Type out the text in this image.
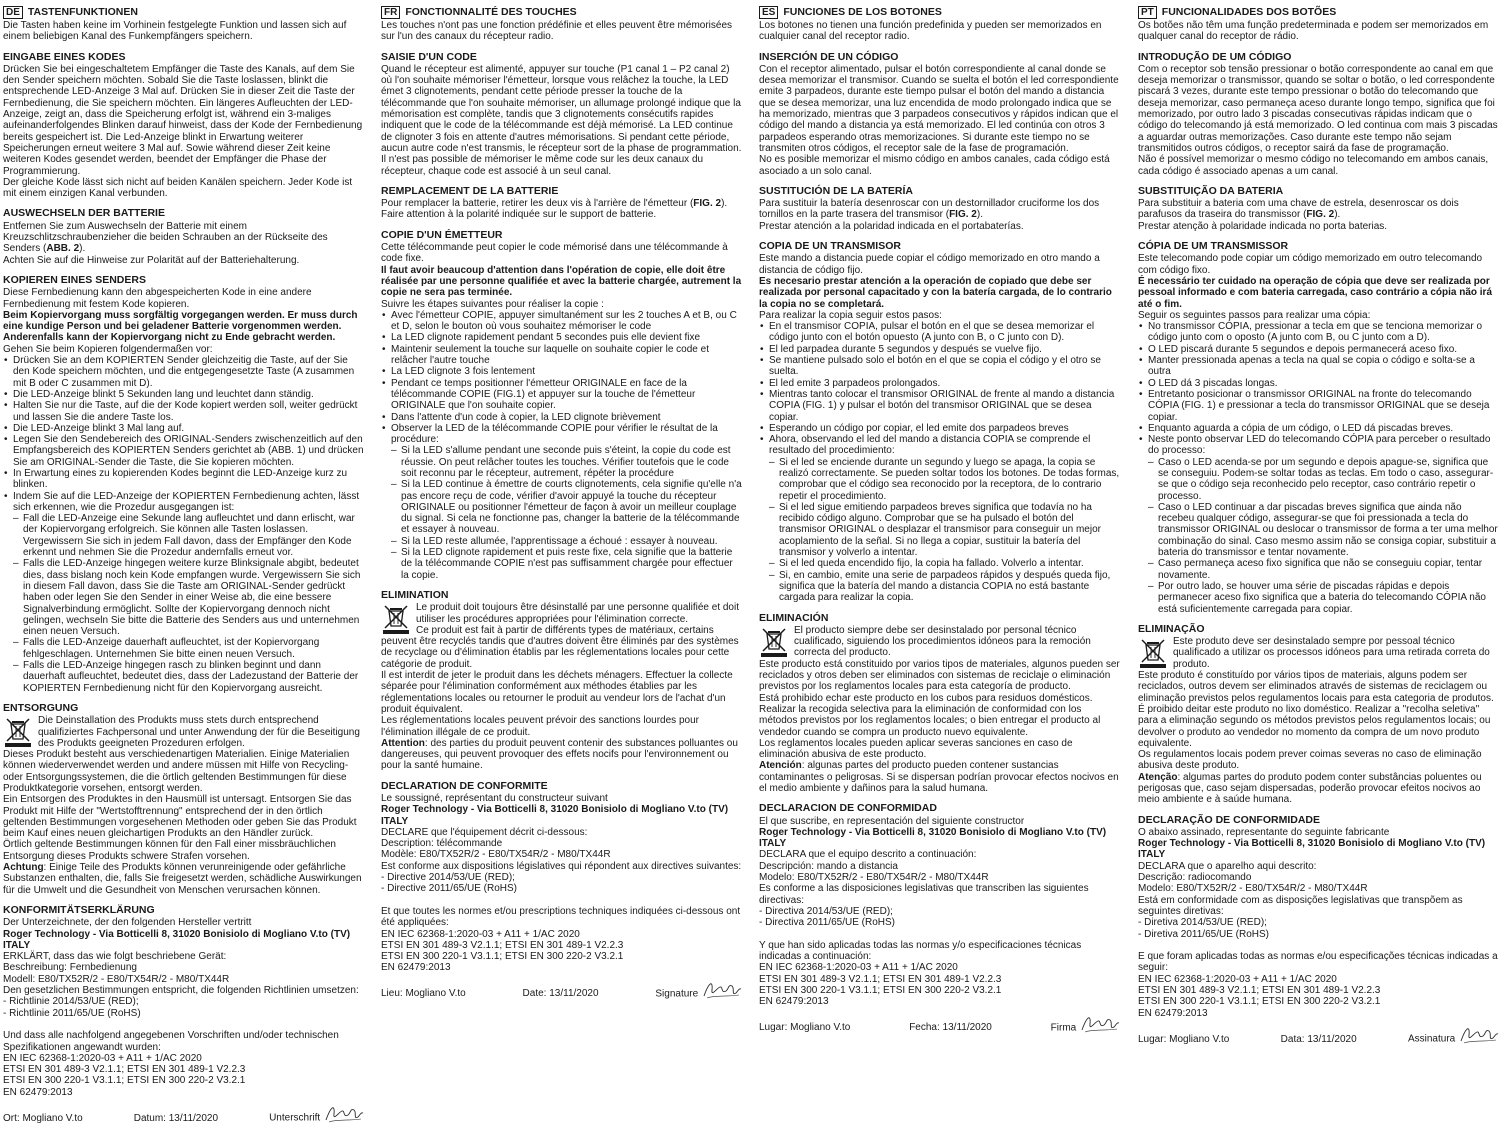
DE TASTENFUNKTIONEN

Die Tasten haben keine im Vorhinein festgelegte Funktion und lassen sich auf einem beliebigen Kanal des Funkempfängers speichern.

EINGABE EINES KODES

Drücken Sie bei eingeschaltetem Empfänger die Taste des Kanals, auf dem Sie den Sender speichern möchten. Sobald Sie die Taste loslassen, blinkt die entsprechende LED-Anzeige 3 Mal auf. Drücken Sie in dieser Zeit die Taste der Fernbedienung, die Sie speichern möchten. Ein längeres Aufleuchten der LED-Anzeige, zeigt an, dass die Speicherung erfolgt ist, während ein 3-maliges aufeinanderfolgendes Blinken darauf hinweist, dass der Kode der Fernbedienung bereits gespeichert ist. Die Led-Anzeige blinkt in Erwartung weiterer Speicherungen erneut weitere 3 Mal auf. Sowie während dieser Zeit keine weiteren Kodes gesendet werden, beendet der Empfänger die Phase der Programmierung.
Der gleiche Kode lässt sich nicht auf beiden Kanälen speichern. Jeder Kode ist mit einem einzigen Kanal verbunden.

AUSWECHSELN DER BATTERIE

Entfernen Sie zum Auswechseln der Batterie mit einem Kreuzschlitzschraubenzieher die beiden Schrauben an der Rückseite des Senders (ABB. 2).
Achten Sie auf die Hinweise zur Polarität auf der Batteriehalterung.

KOPIEREN EINES SENDERS

Diese Fernbedienung kann den abgespeicherten Kode in eine andere Fernbedienung mit festem Kode kopieren.

Beim Kopiervorgang muss sorgfältig vorgegangen werden. Er muss durch eine kundige Person und bei geladener Batterie vorgenommen werden. Anderenfalls kann der Kopiervorgang nicht zu Ende gebracht werden.

Gehen Sie beim Kopieren folgendermaßen vor:

• Drücken Sie an dem KOPIERTEN Sender gleichzeitig die Taste, auf der Sie den Kode speichern möchten, und die entgegengesetzte Taste (A zusammen mit B oder C zusammen mit D).
• Die LED-Anzeige blinkt 5 Sekunden lang und leuchtet dann ständig.
• Halten Sie nur die Taste, auf die der Kode kopiert werden soll, weiter gedrückt und lassen Sie die andere Taste los.
• Die LED-Anzeige blinkt 3 Mal lang auf.
• Legen Sie den Sendebereich des ORIGINAL-Senders zwischenzeitlich auf den Empfangsbereich des KOPIERTEN Senders gerichtet ab (ABB. 1) und drücken Sie am ORIGINAL-Sender die Taste, die Sie kopieren möchten.
• In Erwartung eines zu kopierenden Kodes beginnt die LED-Anzeige kurz zu blinken.
• Indem Sie auf die LED-Anzeige der KOPIERTEN Fernbedienung achten, lässt sich erkennen, wie die Prozedur ausgegangen ist:
– Fall die LED-Anzeige eine Sekunde lang aufleuchtet und dann erlischt, war der Kopiervorgang erfolgreich. Sie können alle Tasten loslassen. Vergewissern Sie sich in jedem Fall davon, dass der Empfänger den Kode erkennt und nehmen Sie die Prozedur andernfalls erneut vor.
– Falls die LED-Anzeige hingegen weitere kurze Blinksignale abgibt, bedeutet dies, dass bislang noch kein Kode empfangen wurde. Vergewissern Sie sich in diesem Fall davon, dass Sie die Taste am ORIGINAL-Sender gedrückt haben oder legen Sie den Sender in einer Weise ab, die eine bessere Signalverbindung ermöglicht. Sollte der Kopiervorgang dennoch nicht gelingen, wechseln Sie bitte die Batterie des Senders aus und unternehmen einen neuen Versuch.
– Falls die LED-Anzeige dauerhaft aufleuchtet, ist der Kopiervorgang fehlgeschlagen. Unternehmen Sie bitte einen neuen Versuch.
– Falls die LED-Anzeige hingegen rasch zu blinken beginnt und dann dauerhaft aufleuchtet, bedeutet dies, dass der Ladezustand der Batterie der KOPIERTEN Fernbedienung nicht für den Kopiervorgang ausreicht.
ENTSORGUNG

Die Deinstallation des Produkts muss stets durch entsprechend qualifiziertes Fachpersonal und unter Anwendung der für die Beseitigung des Produkts geeigneten Prozeduren erfolgen.
Dieses Produkt besteht aus verschiedenartigen Materialien. Einige Materialien können wiederverwendet werden und andere müssen mit Hilfe von Recycling- oder Entsorgungssystemen, die die örtlich geltenden Bestimmungen für diese Produktkategorie vorsehen, entsorgt werden.
Ein Entsorgen des Produktes in den Hausmüll ist untersagt. Entsorgen Sie das Produkt mit Hilfe der "Wertstofftrennung" entsprechend der in den örtlich geltenden Bestimmungen vorgesehenen Methoden oder geben Sie das Produkt beim Kauf eines neuen gleichartigen Produkts an den Händler zurück.
Örtlich geltende Bestimmungen können für den Fall einer missbräuchlichen Entsorgung dieses Produkts schwere Strafen vorsehen.

Achtung: Einige Teile des Produkts können verunreinigende oder gefährliche Substanzen enthalten, die, falls Sie freigesetzt werden, schädliche Auswirkungen für die Umwelt und die Gesundheit von Menschen verursachen können.

KONFORMITÄTSERKLÄRUNG

Der Unterzeichnete, der den folgenden Hersteller vertritt

Roger Technology - Via Botticelli 8, 31020 Bonisiolo di Mogliano V.to (TV) ITALY

ERKLÄRT, dass das wie folgt beschriebene Gerät:
Beschreibung: Fernbedienung
Modell: E80/TX52R/2 - E80/TX54R/2 - M80/TX44R
Den gesetzlichen Bestimmungen entspricht, die folgenden Richtlinien umsetzen:
- Richtlinie 2014/53/UE (RED);
- Richtlinie 2011/65/UE (RoHS)

Und dass alle nachfolgend angegebenen Vorschriften und/oder technischen Spezifikationen angewandt wurden:
EN IEC 62368-1:2020-03 + A11 + 1/AC 2020
ETSI EN 301 489-3 V2.1.1; ETSI EN 301 489-1 V2.2.3
ETSI EN 300 220-1 V3.1.1; ETSI EN 300 220-2 V3.2.1
EN 62479:2013

Ort: Mogliano V.to	Datum: 13/11/2020	Unterschrift
FR FONCTIONNALITÉ DES TOUCHES

Les touches n'ont pas une fonction prédéfinie et elles peuvent être mémorisées sur l'un des canaux du récepteur radio.

SAISIE D'UN CODE

Quand le récepteur est alimenté, appuyer sur touche (P1 canal 1 – P2 canal 2) où l'on souhaite mémoriser l'émetteur, lorsque vous relâchez la touche, la LED émet 3 clignotements, pendant cette période presser la touche de la télécommande que l'on souhaite mémoriser, un allumage prolongé indique que la mémorisation est complète, tandis que 3 clignotements consécutifs rapides indiquent que le code de la télécommande est déjà mémorisé. La LED continue de clignoter 3 fois en attente d'autres mémorisations. Si pendant cette période, aucun autre code n'est transmis, le récepteur sort de la phase de programmation. Il n'est pas possible de mémoriser le même code sur les deux canaux du récepteur, chaque code est associé à un seul canal.

REMPLACEMENT DE LA BATTERIE

Pour remplacer la batterie, retirer les deux vis à l'arrière de l'émetteur (FIG. 2).
Faire attention à la polarité indiquée sur le support de batterie.

COPIE D'UN ÉMETTEUR

Cette télécommande peut copier le code mémorisé dans une télécommande à code fixe.

Il faut avoir beaucoup d'attention dans l'opération de copie, elle doit être réalisée par une personne qualifiée et avec la batterie chargée, autrement la copie ne sera pas terminée.

Suivre les étapes suivantes pour réaliser la copie :

• Avec l'émetteur COPIE, appuyer simultanément sur les 2 touches A et B, ou C et D, selon le bouton où vous souhaitez mémoriser le code
• La LED clignote rapidement pendant 5 secondes puis elle devient fixe
• Maintenir seulement la touche sur laquelle on souhaite copier le code et relâcher l'autre touche
• La LED clignote 3 fois lentement
• Pendant ce temps positionner l'émetteur ORIGINALE en face de la télécommande COPIE (FIG.1) et appuyer sur la touche de l'émetteur ORIGINALE que l'on souhaite copier.
• Dans l'attente d'un code à copier, la LED clignote brièvement
• Observer la LED de la télécommande COPIE pour vérifier le résultat de la procédure:
– Si la LED s'allume pendant une seconde puis s'éteint, la copie du code est réussie. On peut relâcher toutes les touches. Vérifier toutefois que le code soit reconnu par le récepteur, autrement, répéter la procédure
– Si la LED continue à émettre de courts clignotements, cela signifie qu'elle n'a pas encore reçu de code, vérifier d'avoir appuyé la touche du récepteur ORIGINALE ou positionner l'émetteur de façon à avoir un meilleur couplage du signal. Si cela ne fonctionne pas, changer la batterie de la télécommande et essayer à nouveau.
– Si la LED reste allumée, l'apprentissage a échoué : essayer à nouveau.
– Si la LED clignote rapidement et puis reste fixe, cela signifie que la batterie de la télécommande COPIE n'est pas suffisamment chargée pour effectuer la copie.
ELIMINATION

Le produit doit toujours être désinstallé par une personne qualifiée et doit utiliser les procédures appropriées pour l'élimination correcte.
Ce produit est fait à partir de différents types de matériaux, certains peuvent être recyclés tandis que d'autres doivent être éliminés par des systèmes de recyclage ou d'élimination établis par les réglementations locales pour cette catégorie de produit.
Il est interdit de jeter le produit dans les déchets ménagers. Effectuer la collecte séparée pour l'élimination conformément aux méthodes établies par les réglementations locales ou retourner le produit au vendeur lors de l'achat d'un produit équivalent.
Les réglementations locales peuvent prévoir des sanctions lourdes pour l'élimination illégale de ce produit.

Attention: des parties du produit peuvent contenir des substances polluantes ou dangereuses, qui peuvent provoquer des effets nocifs pour l'environnement ou pour la santé humaine.

DECLARATION DE CONFORMITE

Le soussigné, représentant du constructeur suivant

Roger Technology - Via Botticelli 8, 31020 Bonisiolo di Mogliano V.to (TV) ITALY

DECLARE que l'équipement décrit ci-dessous:
Description: télécommande
Modèle: E80/TX52R/2 - E80/TX54R/2 - M80/TX44R
Est conforme aux dispositions législatives qui répondent aux directives suivantes:
- Directive 2014/53/UE (RED);
- Directive 2011/65/UE (RoHS)

Et que toutes les normes et/ou prescriptions techniques indiquées ci-dessous ont été appliquées:
EN IEC 62368-1:2020-03 + A11 + 1/AC 2020
ETSI EN 301 489-3 V2.1.1; ETSI EN 301 489-1 V2.2.3
ETSI EN 300 220-1 V3.1.1; ETSI EN 300 220-2 V3.2.1
EN 62479:2013

Lieu: Mogliano V.to	Date: 13/11/2020	Signature
ES FUNCIONES DE LOS BOTONES

Los botones no tienen una función predefinida y pueden ser memorizados en cualquier canal del receptor radio.

INSERCIÓN DE UN CÓDIGO

Con el receptor alimentado, pulsar el botón correspondiente al canal donde se desea memorizar el transmisor. Cuando se suelta el botón el led correspondiente emite 3 parpadeos, durante este tiempo pulsar el botón del mando a distancia que se desea memorizar, una luz encendida de modo prolongado indica que se ha memorizado, mientras que 3 parpadeos consecutivos y rápidos indican que el código del mando a distancia ya está memorizado. El led continúa con otros 3 parpadeos esperando otras memorizaciones. Si durante este tiempo no se transmiten otros códigos, el receptor sale de la fase de programación.
No es posible memorizar el mismo código en ambos canales, cada código está asociado a un solo canal.

SUSTITUCIÓN DE LA BATERÍA

Para sustituir la batería desenroscar con un destornillador cruciforme los dos tornillos en la parte trasera del transmisor (FIG. 2).
Prestar atención a la polaridad indicada en el portabaterías.

COPIA DE UN TRANSMISOR

Este mando a distancia puede copiar el código memorizado en otro mando a distancia de código fijo.

Es necesario prestar atención a la operación de copiado que debe ser realizada por personal capacitado y con la batería cargada, de lo contrario la copia no se completará.

Para realizar la copia seguir estos pasos:

• En el transmisor COPIA, pulsar el botón en el que se desea memorizar el código junto con el botón opuesto (A junto con B, o C junto con D).
• El led parpadea durante 5 segundos y después se vuelve fijo.
• Se mantiene pulsado solo el botón en el que se copia el código y el otro se suelta.
• El led emite 3 parpadeos prolongados.
• Mientras tanto colocar el transmisor ORIGINAL de frente al mando a distancia COPIA (FIG. 1) y pulsar el botón del transmisor ORIGINAL que se desea copiar.
• Esperando un código por copiar, el led emite dos parpadeos breves
• Ahora, observando el led del mando a distancia COPIA se comprende el resultado del procedimiento:
– Si el led se enciende durante un segundo y luego se apaga, la copia se realizó correctamente. Se pueden soltar todos los botones. De todas formas, comprobar que el código sea reconocido por la receptora, de lo contrario repetir el procedimiento.
– Si el led sigue emitiendo parpadeos breves significa que todavía no ha recibido código alguno. Comprobar que se ha pulsado el botón del transmisor ORIGINAL o desplazar el transmisor para conseguir un mejor acoplamiento de la señal. Si no llega a copiar, sustituir la batería del transmisor y volverlo a intentar.
– Si el led queda encendido fijo, la copia ha fallado. Volverlo a intentar.
– Si, en cambio, emite una serie de parpadeos rápidos y después queda fijo, significa que la batería del mando a distancia COPIA no está bastante cargada para realizar la copia.
ELIMINACIÓN

El producto siempre debe ser desinstalado por personal técnico cualificado, siguiendo los procedimientos idóneos para la remoción correcta del producto.
Este producto está constituido por varios tipos de materiales, algunos pueden ser reciclados y otros deben ser eliminados con sistemas de reciclaje o eliminación previstos por los reglamentos locales para esta categoría de producto.
Está prohibido echar este producto en los cubos para residuos domésticos. Realizar la recogida selectiva para la eliminación de conformidad con los métodos previstos por los reglamentos locales; o bien entregar el producto al vendedor cuando se compra un producto nuevo equivalente.
Los reglamentos locales pueden aplicar severas sanciones en caso de eliminación abusiva de este producto.

Atención: algunas partes del producto pueden contener sustancias contaminantes o peligrosas. Si se dispersan podrían provocar efectos nocivos en el medio ambiente y dañinos para la salud humana.

DECLARACION DE CONFORMIDAD

El que suscribe, en representación del siguiente constructor

Roger Technology - Via Botticelli 8, 31020 Bonisiolo di Mogliano V.to (TV) ITALY

DECLARA que el equipo descrito a continuación:
Descripción: mando a distancia
Modelo: E80/TX52R/2 - E80/TX54R/2 - M80/TX44R
Es conforme a las disposiciones legislativas que transcriben las siguientes directivas:
- Directiva 2014/53/UE (RED);
- Directiva 2011/65/UE (RoHS)

Y que han sido aplicadas todas las normas y/o especificaciones técnicas indicadas a continuación:
EN IEC 62368-1:2020-03 + A11 + 1/AC 2020
ETSI EN 301 489-3 V2.1.1; ETSI EN 301 489-1 V2.2.3
ETSI EN 300 220-1 V3.1.1; ETSI EN 300 220-2 V3.2.1
EN 62479:2013

Lugar: Mogliano V.to	Fecha: 13/11/2020	Firma
PT FUNCIONALIDADES DOS BOTÕES

Os botões não têm uma função predeterminada e podem ser memorizados em qualquer canal do receptor de rádio.

INTRODUÇÃO DE UM CÓDIGO

Com o receptor sob tensão pressionar o botão correspondente ao canal em que deseja memorizar o transmissor, quando se soltar o botão, o led correspondente piscará 3 vezes, durante este tempo pressionar o botão do telecomando que deseja memorizar, caso permaneça aceso durante longo tempo, significa que foi memorizado, por outro lado 3 piscadas consecutivas rápidas indicam que o código do telecomando já está memorizado. O led continua com mais 3 piscadas a aguardar outras memorizações. Caso durante este tempo não sejam transmitidos outros códigos, o receptor sairá da fase de programação.
Não é possível memorizar o mesmo código no telecomando em ambos canais, cada código é associado apenas a um canal.

SUBSTITUIÇÃO DA BATERIA

Para substituir a bateria com uma chave de estrela, desenroscar os dois parafusos da traseira do transmissor (FIG. 2).
Prestar atenção à polaridade indicada no porta baterias.

CÓPIA DE UM TRANSMISSOR

Este telecomando pode copiar um código memorizado em outro telecomando com código fixo.

É necessário ter cuidado na operação de cópia que deve ser realizada por pessoal informado e com bateria carregada, caso contrário a cópia não irá até o fim.

Seguir os seguintes passos para realizar uma cópia:

• No transmissor CÓPIA, pressionar a tecla em que se tenciona memorizar o código junto com o oposto (A junto com B, ou C junto com a D).
• O LED piscará durante 5 segundos e depois permanecerá aceso fixo.
• Manter pressionada apenas a tecla na qual se copia o código e solta-se a outra
• O LED dá 3 piscadas longas.
• Entretanto posicionar o transmissor ORIGINAL na fronte do telecomando CÓPIA (FIG. 1) e pressionar a tecla do transmissor ORIGINAL que se deseja copiar.
• Enquanto aguarda a cópia de um código, o LED dá piscadas breves.
• Neste ponto observar LED do telecomando CÓPIA para perceber o resultado do processo:
– Caso o LED acenda-se por um segundo e depois apague-se, significa que se conseguiu. Podem-se soltar todas as teclas. Em todo o caso, assegurar-se que o código seja reconhecido pelo receptor, caso contrário repetir o processo.
– Caso o LED continuar a dar piscadas breves significa que ainda não recebeu qualquer código, assegurar-se que foi pressionada a tecla do transmissor ORIGINAL ou deslocar o transmissor de forma a ter uma melhor combinação do sinal. Caso mesmo assim não se consiga copiar, substituir a bateria do transmissor e tentar novamente.
– Caso permaneça aceso fixo significa que não se conseguiu copiar, tentar novamente.
– Por outro lado, se houver uma série de piscadas rápidas e depois permanecer aceso fixo significa que a bateria do telecomando CÓPIA não está suficientemente carregada para copiar.
ELIMINAÇÃO

Este produto deve ser desinstalado sempre por pessoal técnico qualificado a utilizar os processos idóneos para uma retirada correta do produto.
Este produto é constituído por vários tipos de materiais, alguns podem ser reciclados, outros devem ser eliminados através de sistemas de reciclagem ou eliminação previstos pelos regulamentos locais para esta categoria de produtos.
É proibido deitar este produto no lixo doméstico. Realizar a "recolha seletiva" para a eliminação segundo os métodos previstos pelos regulamentos locais; ou devolver o produto ao vendedor no momento da compra de um novo produto equivalente.
Os regulamentos locais podem prever coimas severas no caso de eliminação abusiva deste produto.

Atenção: algumas partes do produto podem conter substâncias poluentes ou perigosas que, caso sejam dispersadas, poderão provocar efeitos nocivos ao meio ambiente e à saúde humana.

DECLARAÇÃO DE CONFORMIDADE

O abaixo assinado, representante do seguinte fabricante

Roger Technology - Via Botticelli 8, 31020 Bonisiolo di Mogliano V.to (TV) ITALY

DECLARA que o aparelho aqui descrito:
Descrição: radiocomando
Modelo: E80/TX52R/2 - E80/TX54R/2 - M80/TX44R
Está em conformidade com as disposições legislativas que transpõem as seguintes diretivas:
- Diretiva 2014/53/UE (RED);
- Diretiva 2011/65/UE (RoHS)

E que foram aplicadas todas as normas e/ou especificações técnicas indicadas a seguir:
EN IEC 62368-1:2020-03 + A11 + 1/AC 2020
ETSI EN 301 489-3 V2.1.1; ETSI EN 301 489-1 V2.2.3
ETSI EN 300 220-1 V3.1.1; ETSI EN 300 220-2 V3.2.1
EN 62479:2013

Lugar: Mogliano V.to	Data: 13/11/2020	Assinatura
